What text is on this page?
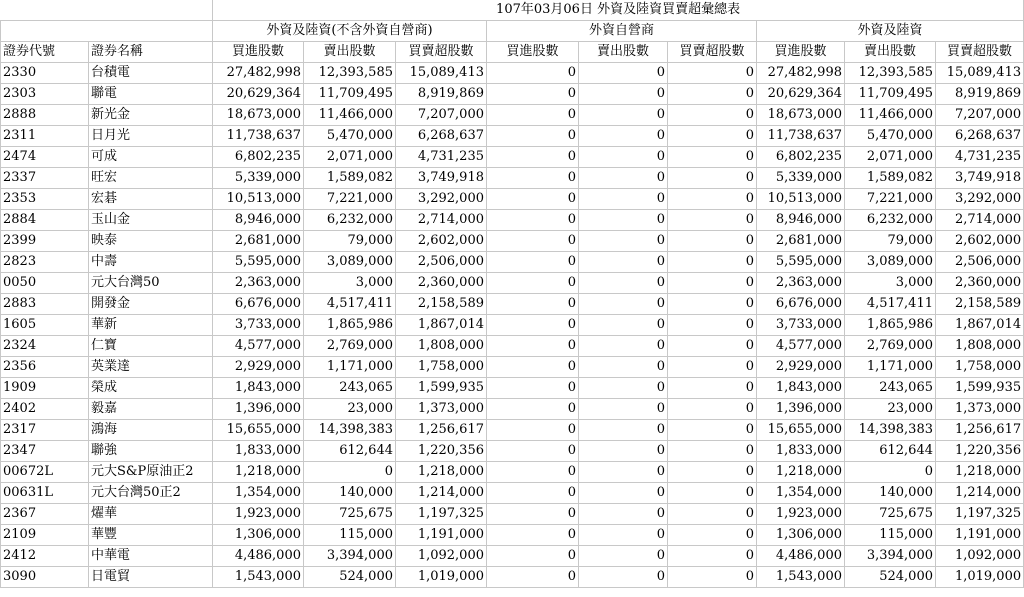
		107年03月06日 外資及陸資買賣超彙總表								
		外資及陸資(不含外資自營商)			外資自營商			外資及陸資		
證券代號	證券名稱	買進股數	賣出股數	買賣超股數	買進股數	賣出股數	買賣超股數	買進股數	賣出股數	買賣超股數
2330	台積電	27,482,998	12,393,585	15,089,413	0	0	0	27,482,998	12,393,585	15,089,413
2303	聯電	20,629,364	11,709,495	8,919,869	0	0	0	20,629,364	11,709,495	8,919,869
2888	新光金	18,673,000	11,466,000	7,207,000	0	0	0	18,673,000	11,466,000	7,207,000
2311	日月光	11,738,637	5,470,000	6,268,637	0	0	0	11,738,637	5,470,000	6,268,637
2474	可成	6,802,235	2,071,000	4,731,235	0	0	0	6,802,235	2,071,000	4,731,235
2337	旺宏	5,339,000	1,589,082	3,749,918	0	0	0	5,339,000	1,589,082	3,749,918
2353	宏碁	10,513,000	7,221,000	3,292,000	0	0	0	10,513,000	7,221,000	3,292,000
2884	玉山金	8,946,000	6,232,000	2,714,000	0	0	0	8,946,000	6,232,000	2,714,000
2399	映泰	2,681,000	79,000	2,602,000	0	0	0	2,681,000	79,000	2,602,000
2823	中壽	5,595,000	3,089,000	2,506,000	0	0	0	5,595,000	3,089,000	2,506,000
0050	元大台灣50	2,363,000	3,000	2,360,000	0	0	0	2,363,000	3,000	2,360,000
2883	開發金	6,676,000	4,517,411	2,158,589	0	0	0	6,676,000	4,517,411	2,158,589
1605	華新	3,733,000	1,865,986	1,867,014	0	0	0	3,733,000	1,865,986	1,867,014
2324	仁寶	4,577,000	2,769,000	1,808,000	0	0	0	4,577,000	2,769,000	1,808,000
2356	英業達	2,929,000	1,171,000	1,758,000	0	0	0	2,929,000	1,171,000	1,758,000
1909	榮成	1,843,000	243,065	1,599,935	0	0	0	1,843,000	243,065	1,599,935
2402	毅嘉	1,396,000	23,000	1,373,000	0	0	0	1,396,000	23,000	1,373,000
2317	鴻海	15,655,000	14,398,383	1,256,617	0	0	0	15,655,000	14,398,383	1,256,617
2347	聯強	1,833,000	612,644	1,220,356	0	0	0	1,833,000	612,644	1,220,356
00672L	元大S&P原油正2	1,218,000	0	1,218,000	0	0	0	1,218,000	0	1,218,000
00631L	元大台灣50正2	1,354,000	140,000	1,214,000	0	0	0	1,354,000	140,000	1,214,000
2367	燿華	1,923,000	725,675	1,197,325	0	0	0	1,923,000	725,675	1,197,325
2109	華豐	1,306,000	115,000	1,191,000	0	0	0	1,306,000	115,000	1,191,000
2412	中華電	4,486,000	3,394,000	1,092,000	0	0	0	4,486,000	3,394,000	1,092,000
3090	日電貿	1,543,000	524,000	1,019,000	0	0	0	1,543,000	524,000	1,019,000
